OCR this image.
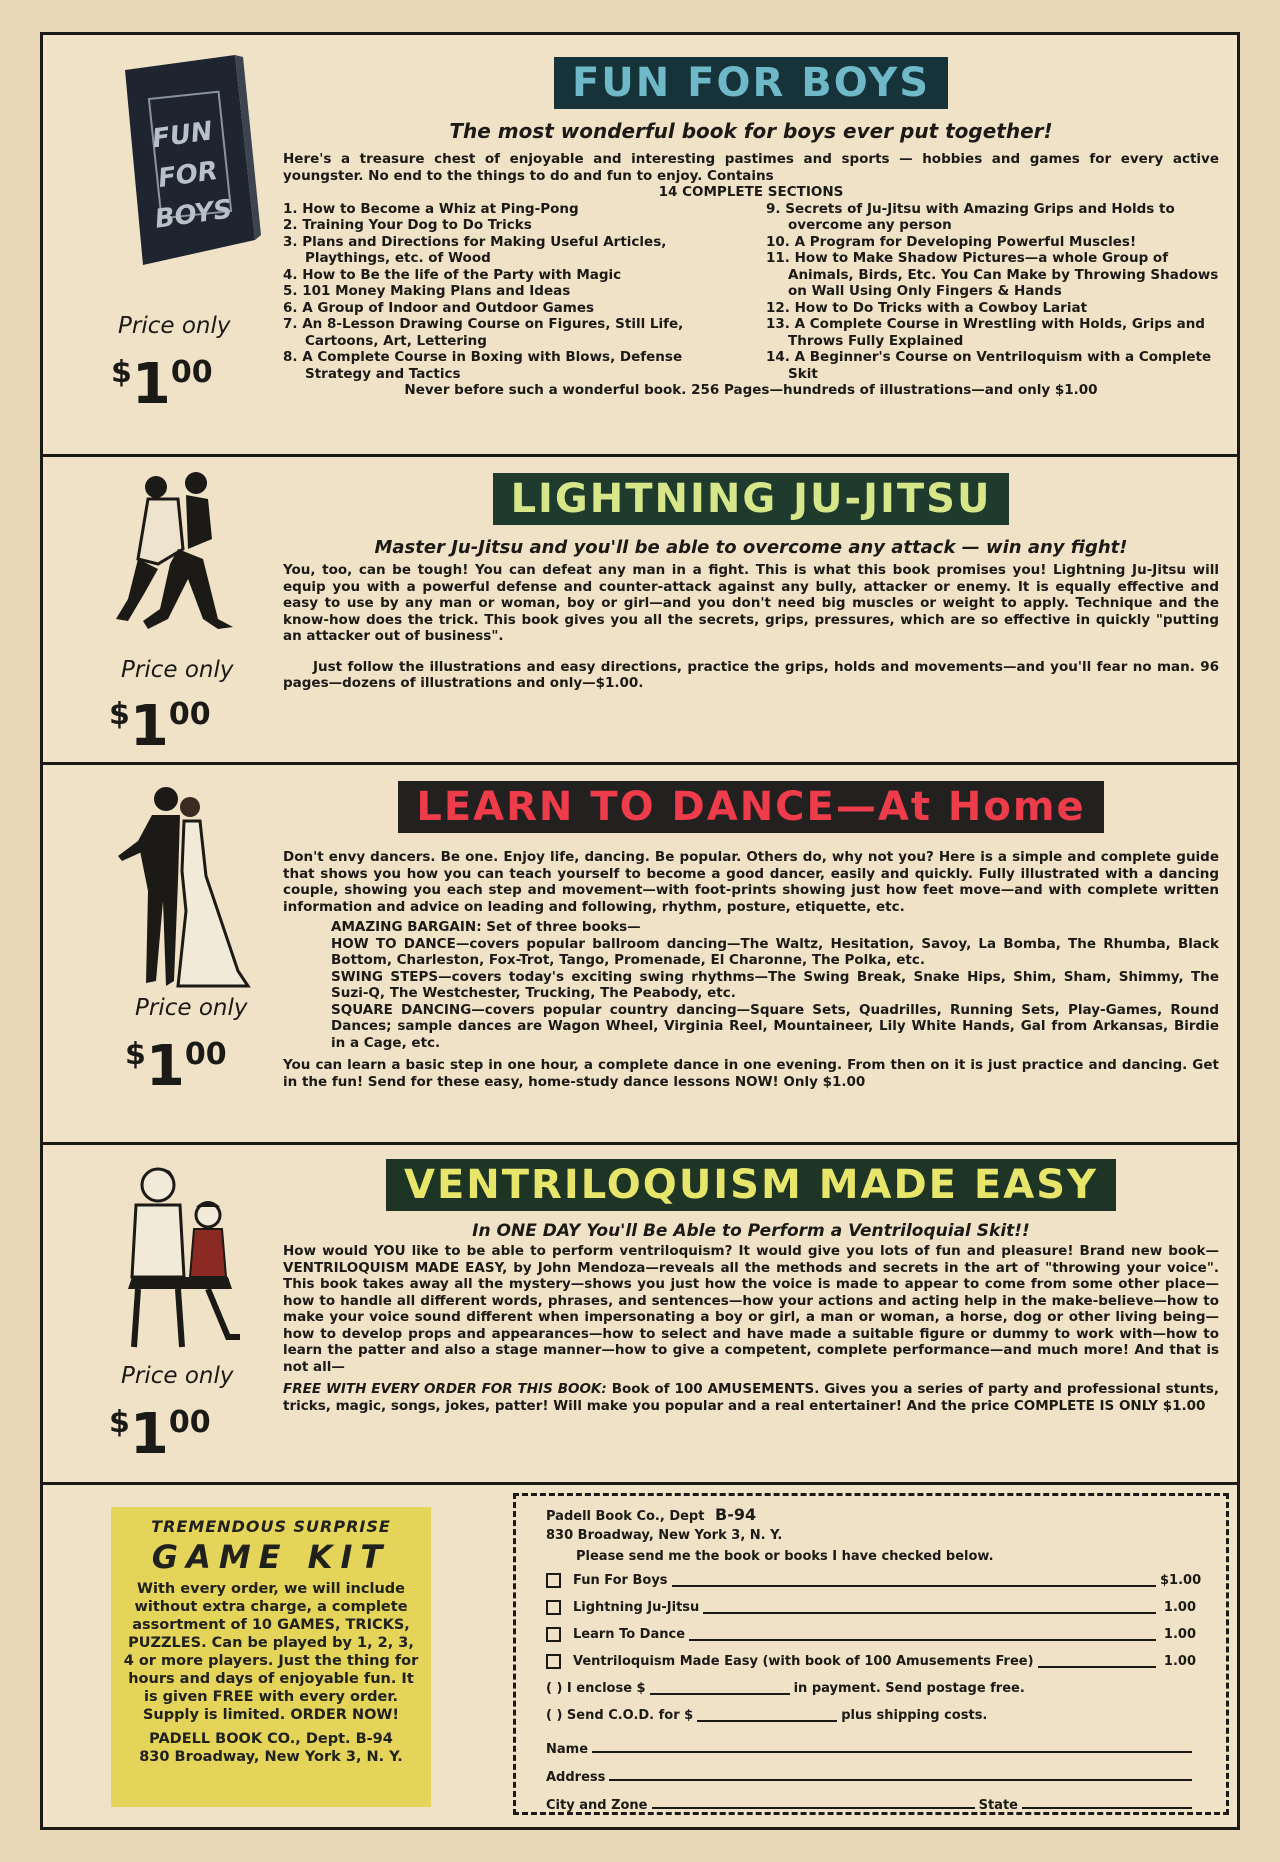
FUN FOR BOYS
Price only
$^{\$}1^{00}$
FUN FOR BOYS
The most wonderful book for boys ever put together!
Here's a treasure chest of enjoyable and interesting pastimes and sports — hobbies and games for every active youngster. No end to the things to do and fun to enjoy. Contains
14 COMPLETE SECTIONS
1. How to Become a Whiz at Ping-Pong
2. Training Your Dog to Do Tricks
3. Plans and Directions for Making Useful Articles, Playthings, etc. of Wood
4. How to Be the life of the Party with Magic
5. 101 Money Making Plans and Ideas
6. A Group of Indoor and Outdoor Games
7. An 8-Lesson Drawing Course on Figures, Still Life, Cartoons, Art, Lettering
8. A Complete Course in Boxing with Blows, Defense Strategy and Tactics
9. Secrets of Ju-Jitsu with Amazing Grips and Holds to overcome any person
10. A Program for Developing Powerful Muscles!
11. How to Make Shadow Pictures—a whole Group of Animals, Birds, Etc. You Can Make by Throwing Shadows on Wall Using Only Fingers & Hands
12. How to Do Tricks with a Cowboy Lariat
13. A Complete Course in Wrestling with Holds, Grips and Throws Fully Explained
14. A Beginner's Course on Ventriloquism with a Complete Skit
Never before such a wonderful book. 256 Pages—hundreds of illustrations—and only $1.00
Price only
$^{\$}1^{00}$
LIGHTNING JU-JITSU
Master Ju-Jitsu and you'll be able to overcome any attack — win any fight!
You, too, can be tough! You can defeat any man in a fight. This is what this book promises you! Lightning Ju-Jitsu will equip you with a powerful defense and counter-attack against any bully, attacker or enemy. It is equally effective and easy to use by any man or woman, boy or girl—and you don't need big muscles or weight to apply. Technique and the know-how does the trick. This book gives you all the secrets, grips, pressures, which are so effective in quickly "putting an attacker out of business".
Just follow the illustrations and easy directions, practice the grips, holds and movements—and you'll fear no man. 96 pages—dozens of illustrations and only—$1.00.
Price only
$^{\$}1^{00}$
LEARN TO DANCE—At Home
Don't envy dancers. Be one. Enjoy life, dancing. Be popular. Others do, why not you? Here is a simple and complete guide that shows you how you can teach yourself to become a good dancer, easily and quickly. Fully illustrated with a dancing couple, showing you each step and movement—with foot-prints showing just how feet move—and with complete written information and advice on leading and following, rhythm, posture, etiquette, etc.
AMAZING BARGAIN: Set of three books—
HOW TO DANCE—covers popular ballroom dancing—The Waltz, Hesitation, Savoy, La Bomba, The Rhumba, Black Bottom, Charleston, Fox-Trot, Tango, Promenade, El Charonne, The Polka, etc.
SWING STEPS—covers today's exciting swing rhythms—The Swing Break, Snake Hips, Shim, Sham, Shimmy, The Suzi-Q, The Westchester, Trucking, The Peabody, etc.
SQUARE DANCING—covers popular country dancing—Square Sets, Quadrilles, Running Sets, Play-Games, Round Dances; sample dances are Wagon Wheel, Virginia Reel, Mountaineer, Lily White Hands, Gal from Arkansas, Birdie in a Cage, etc.
You can learn a basic step in one hour, a complete dance in one evening. From then on it is just practice and dancing. Get in the fun! Send for these easy, home-study dance lessons NOW! Only $1.00
Price only
$^{\$}1^{00}$
VENTRILOQUISM MADE EASY
In ONE DAY You'll Be Able to Perform a Ventriloquial Skit!!
How would YOU like to be able to perform ventriloquism? It would give you lots of fun and pleasure! Brand new book—VENTRILOQUISM MADE EASY, by John Mendoza—reveals all the methods and secrets in the art of "throwing your voice". This book takes away all the mystery—shows you just how the voice is made to appear to come from some other place—how to handle all different words, phrases, and sentences—how your actions and acting help in the make-believe—how to make your voice sound different when impersonating a boy or girl, a man or woman, a horse, dog or other living being—how to develop props and appearances—how to select and have made a suitable figure or dummy to work with—how to learn the patter and also a stage manner—how to give a competent, complete performance—and much more! And that is not all—
FREE WITH EVERY ORDER FOR THIS BOOK: Book of 100 AMUSEMENTS. Gives you a series of party and professional stunts, tricks, magic, songs, jokes, patter! Will make you popular and a real entertainer! And the price COMPLETE IS ONLY $1.00
TREMENDOUS SURPRISE
GAME KIT
With every order, we will include without extra charge, a complete assortment of 10 GAMES, TRICKS, PUZZLES. Can be played by 1, 2, 3, 4 or more players. Just the thing for hours and days of enjoyable fun. It is given FREE with every order. Supply is limited. ORDER NOW!
PADELL BOOK CO., Dept. B-94
830 Broadway, New York 3, N. Y.
Padell Book Co., Dept B-94
830 Broadway, New York 3, N. Y.
Please send me the book or books I have checked below.
Fun For Boys	$1.00
Lightning Ju-Jitsu	1.00
Learn To Dance	1.00
Ventriloquism Made Easy (with book of 100 Amusements Free)	1.00
( ) I enclose $	in payment. Send postage free.
( ) Send C.O.D. for $	plus shipping costs.
Name
Address
City and Zone	State
